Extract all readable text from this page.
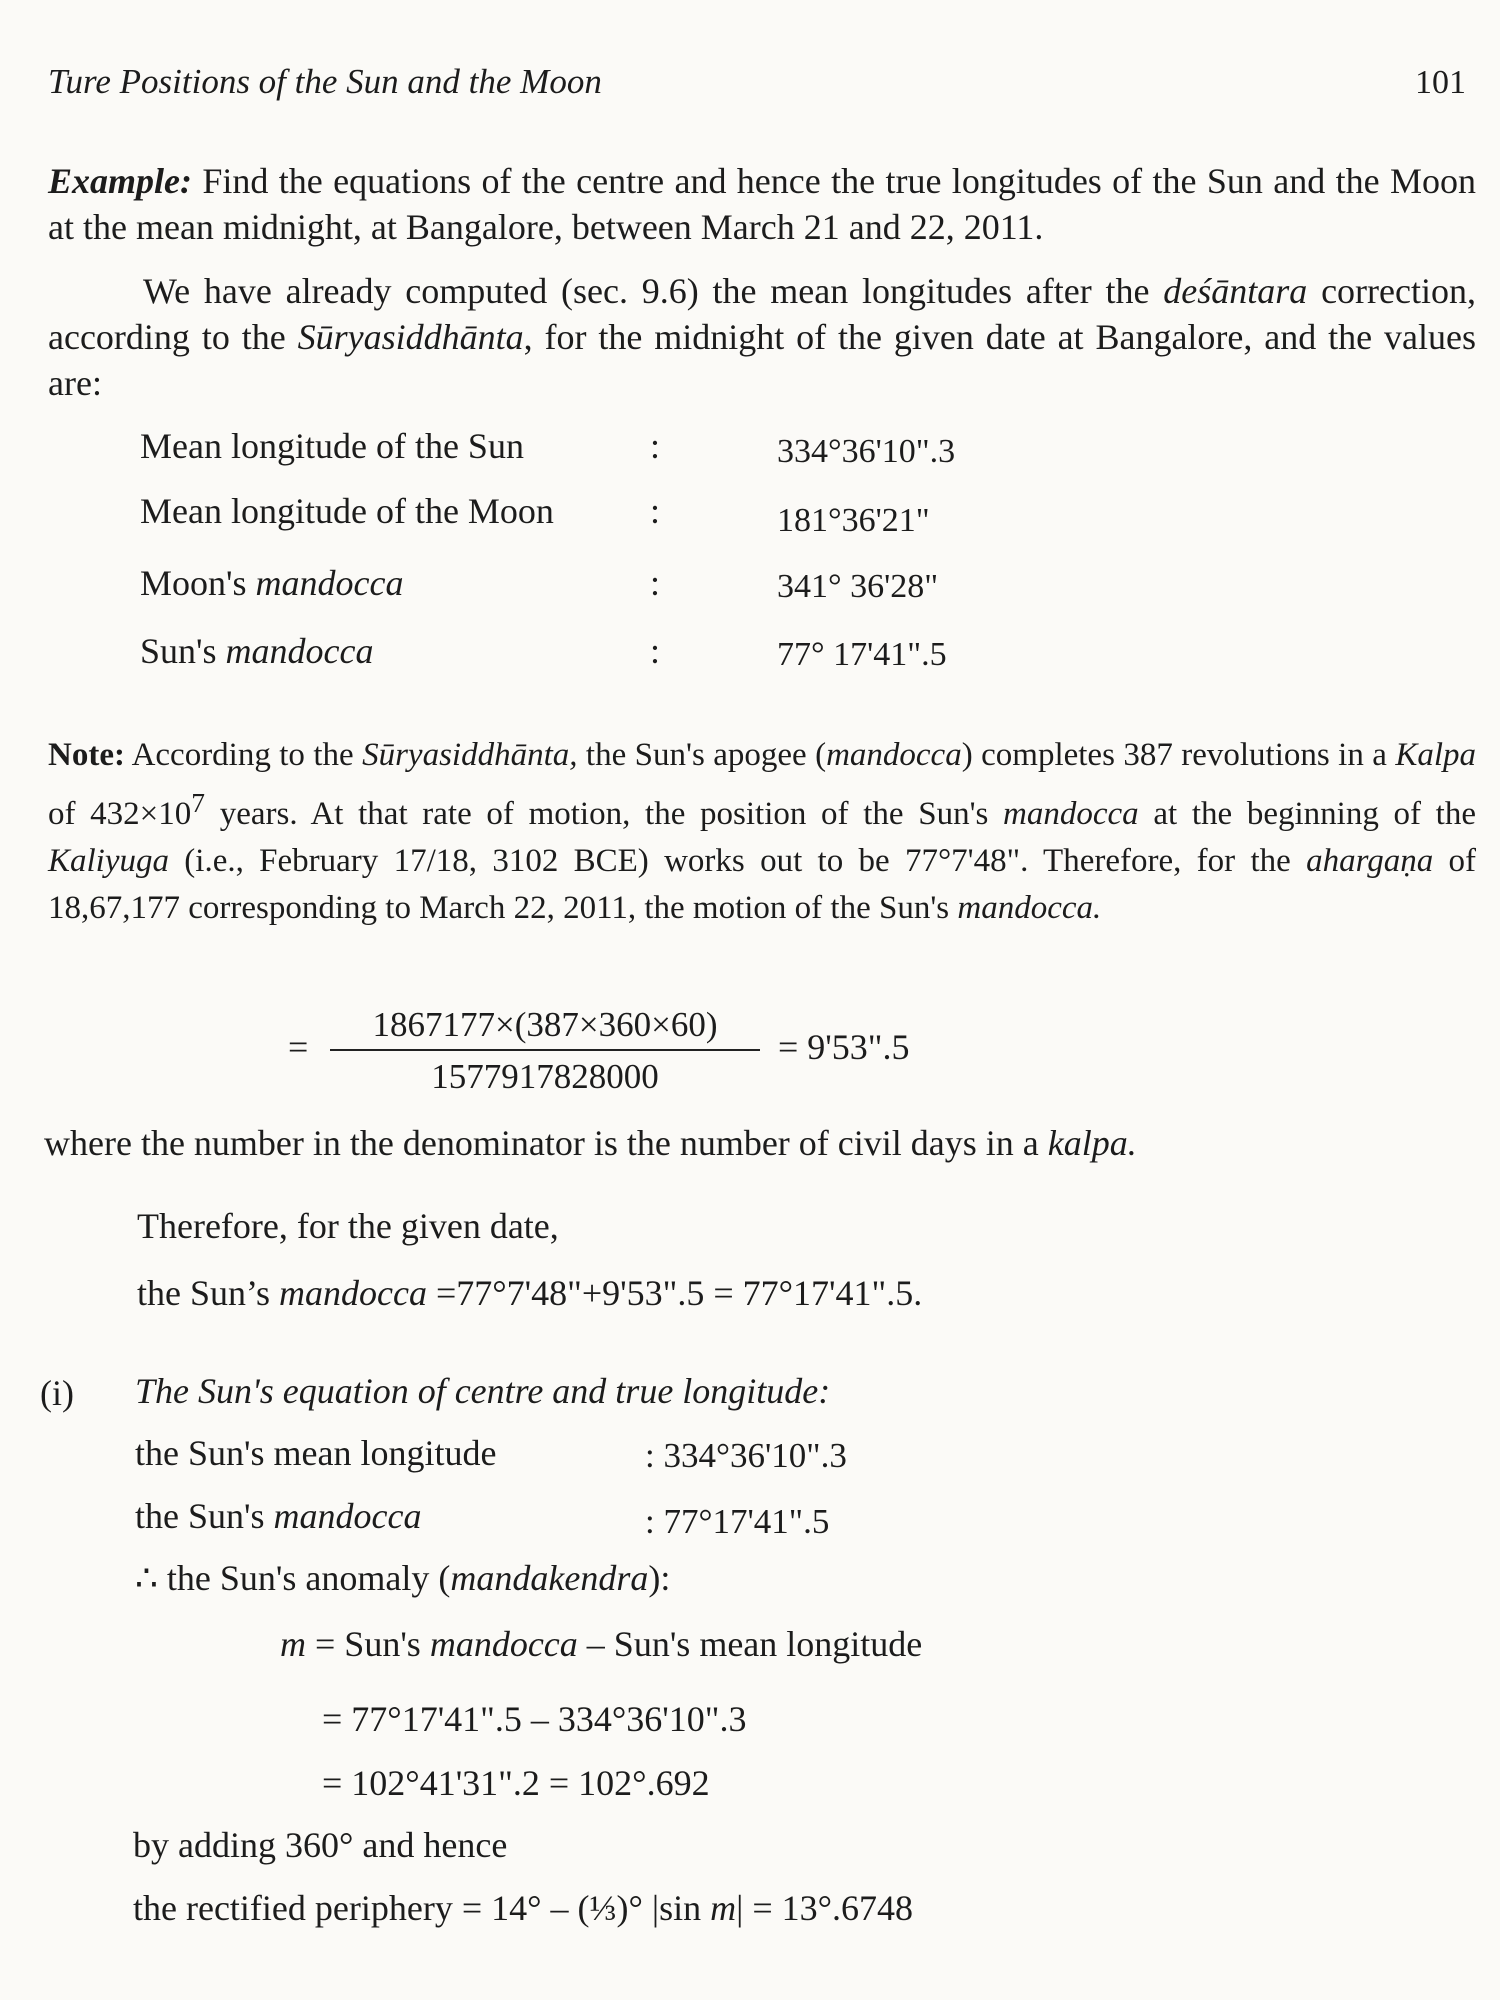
Ture Positions of the Sun and the Moon	101
Example: Find the equations of the centre and hence the true longitudes of the Sun and the Moon at the mean midnight, at Bangalore, between March 21 and 22, 2011.
We have already computed (sec. 9.6) the mean longitudes after the deśāntara correction, according to the Sūryasiddhānta, for the midnight of the given date at Bangalore, and the values are:
Mean longitude of the Sun	:	334°36'10".3
Mean longitude of the Moon	:	181°36'21"
Moon's mandocca	:	341° 36'28"
Sun's mandocca	:	77° 17'41".5
Note: According to the Sūryasiddhānta, the Sun's apogee (mandocca) completes 387 revolutions in a Kalpa of $432\times 10^7$ years. At that rate of motion, the position of the Sun's mandocca at the beginning of the Kaliyuga (i.e., February 17/18, 3102 BCE) works out to be 77°7'48". Therefore, for the ahargaṇa of 18,67,177 corresponding to March 22, 2011, the motion of the Sun's mandocca.
=
1867177×(387×360×60)
1577917828000
= 9'53".5
where the number in the denominator is the number of civil days in a kalpa.
Therefore, for the given date,
the Sun’s mandocca =77°7'48"+9'53".5 = 77°17'41".5.
(i) The Sun's equation of centre and true longitude:
the Sun's mean longitude	: 334°36'10".3
the Sun's mandocca	: 77°17'41".5
∴ the Sun's anomaly (mandakendra):
m = Sun's mandocca – Sun's mean longitude
= 77°17'41".5 – 334°36'10".3
= 102°41'31".2 = 102°.692
by adding 360° and hence
the rectified periphery = 14° – (⅓)° |sin m| = 13°.6748
